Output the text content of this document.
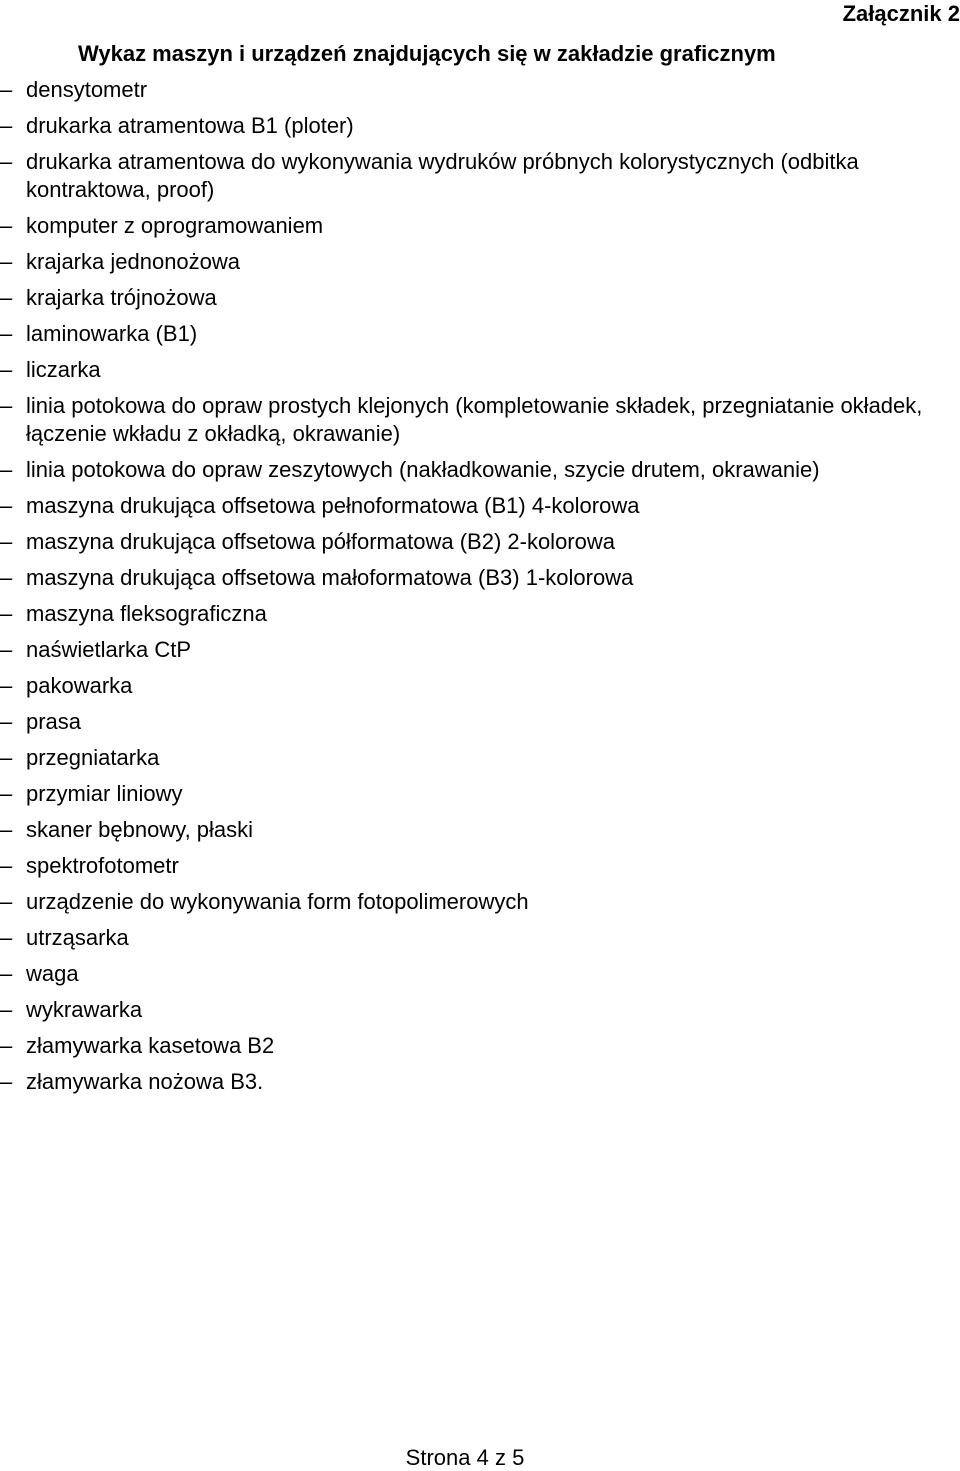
Załącznik 2
Wykaz maszyn i urządzeń znajdujących się w zakładzie graficznym
– densytometr
– drukarka atramentowa B1 (ploter)
– drukarka atramentowa do wykonywania wydruków próbnych kolorystycznych (odbitka kontraktowa, proof)
– komputer z oprogramowaniem
– krajarka jednonożowa
– krajarka trójnożowa
– laminowarka (B1)
– liczarka
– linia potokowa do opraw prostych klejonych (kompletowanie składek, przegniatanie okładek, łączenie wkładu z okładką, okrawanie)
– linia potokowa do opraw zeszytowych (nakładkowanie, szycie drutem, okrawanie)
– maszyna drukująca offsetowa pełnoformatowa (B1) 4-kolorowa
– maszyna drukująca offsetowa półformatowa (B2) 2-kolorowa
– maszyna drukująca offsetowa małoformatowa (B3) 1-kolorowa
– maszyna fleksograficzna
– naświetlarka CtP
– pakowarka
– prasa
– przegniatarka
– przymiar liniowy
– skaner bębnowy, płaski
– spektrofotometr
– urządzenie do wykonywania form fotopolimerowych
– utrząsarka
– waga
– wykrawarka
– złamywarka kasetowa B2
– złamywarka nożowa B3.
Strona 4 z 5
